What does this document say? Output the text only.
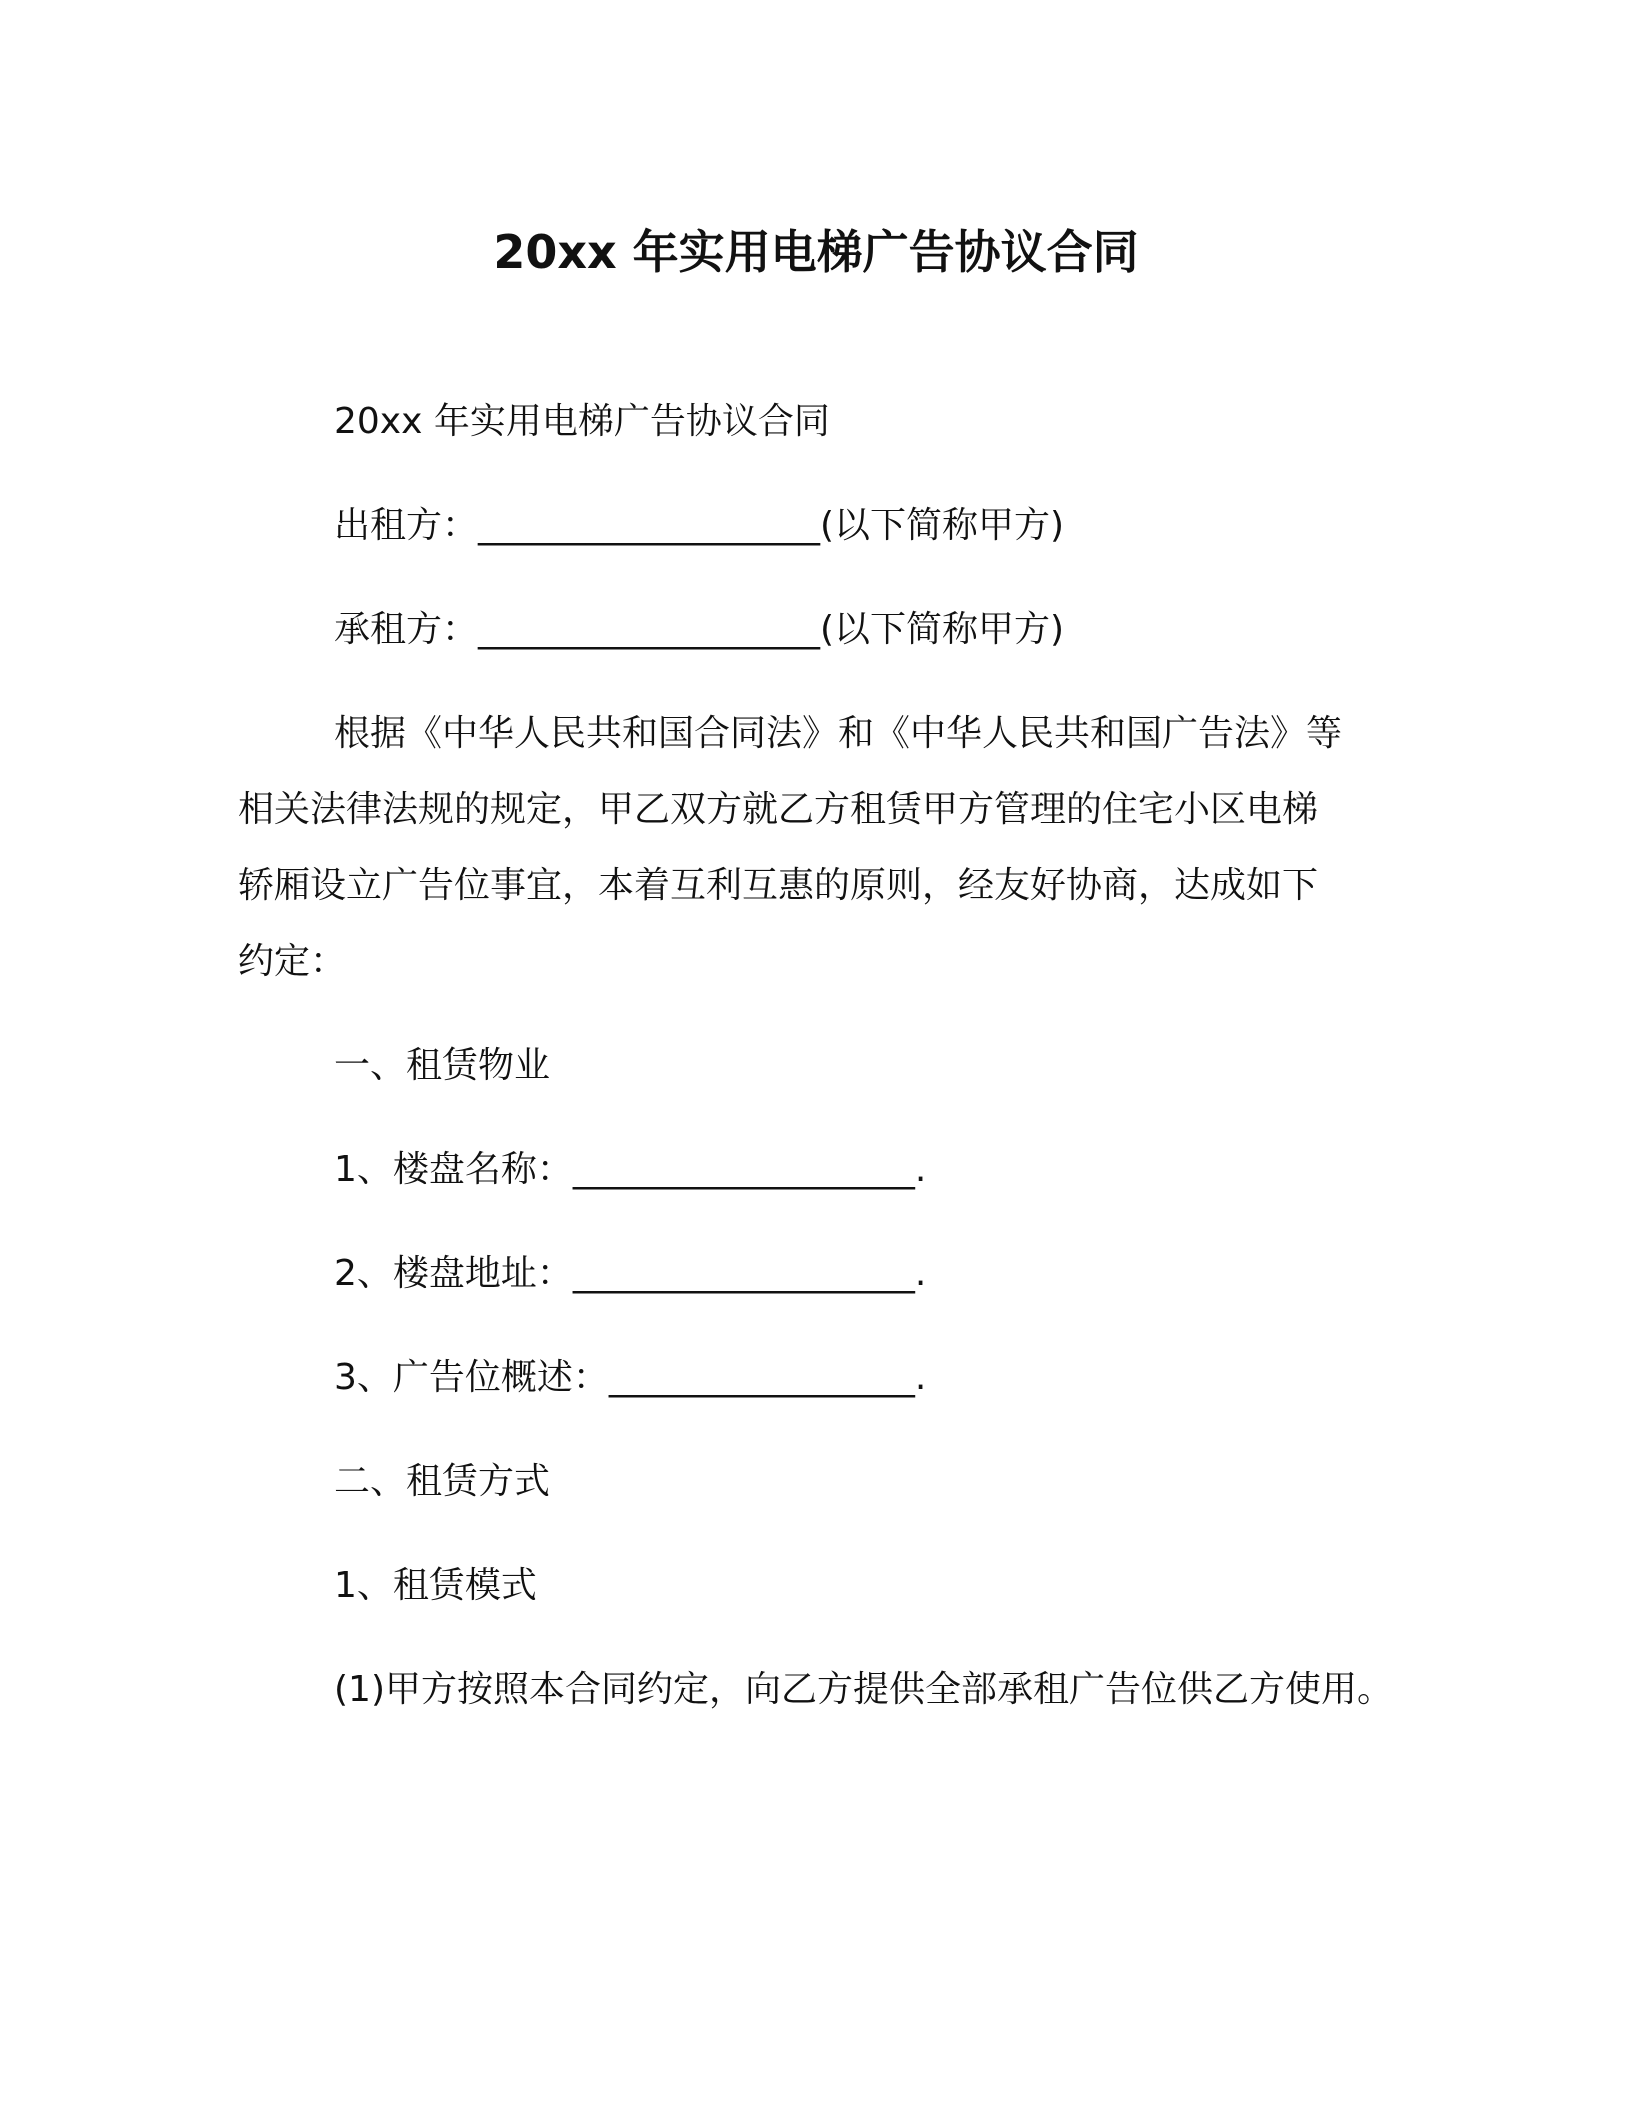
20xx 年实用电梯广告协议合同
20xx 年实用电梯广告协议合同
出租方：___________________(以下简称甲方)
承租方：___________________(以下简称甲方)
根据《中华人民共和国合同法》和《中华人民共和国广告法》等
相关法律法规的规定，甲乙双方就乙方租赁甲方管理的住宅小区电梯
轿厢设立广告位事宜，本着互利互惠的原则，经友好协商，达成如下
约定：
一、租赁物业
1、楼盘名称：___________________.
2、楼盘地址：___________________.
3、广告位概述：_________________.
二、租赁方式
1、租赁模式
(1)甲方按照本合同约定，向乙方提供全部承租广告位供乙方使用。
